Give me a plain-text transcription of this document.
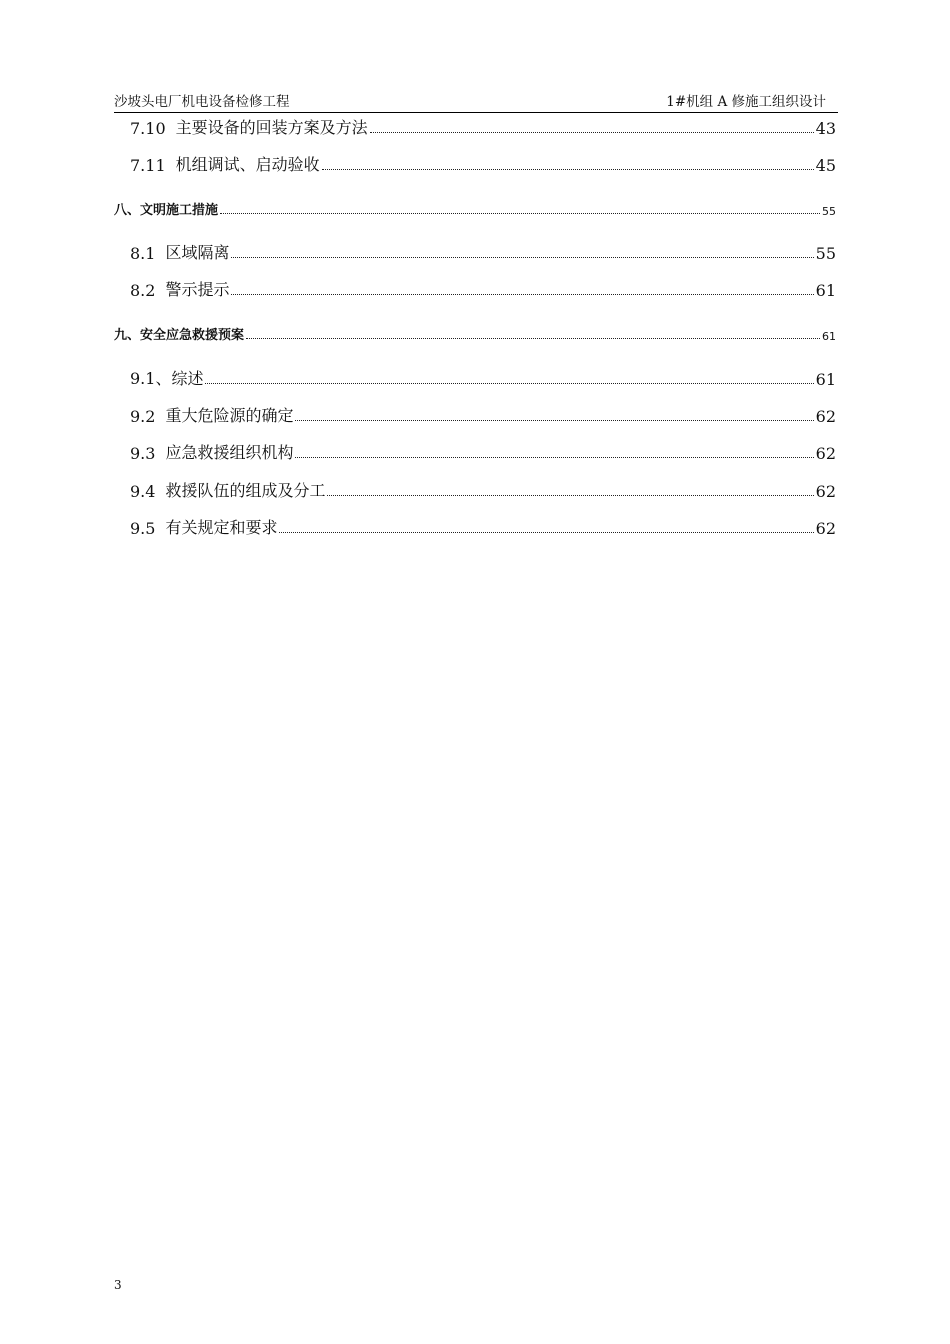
沙坡头电厂机电设备检修工程	1#机组 A 修施工组织设计
7.10 主要设备的回装方案及方法	43
7.11 机组调试、启动验收	45
八、文明施工措施	55
8.1 区域隔离	55
8.2 警示提示	61
九、安全应急救援预案	61
9.1、 综述	61
9.2 重大危险源的确定	62
9.3 应急救援组织机构	62
9.4 救援队伍的组成及分工	62
9.5 有关规定和要求	62
3
